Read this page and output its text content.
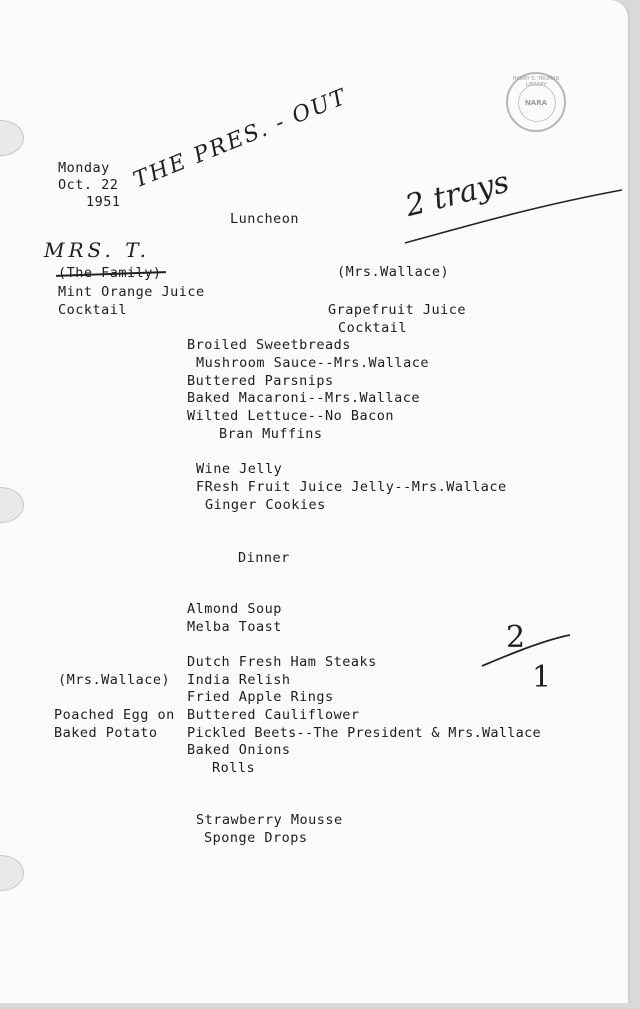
HARRY S. TRUMAN LIBRARY
NARA
Monday
Oct. 22
1951
THE PRES. - OUT
2 trays
MRS. T.
2
1
Luncheon
(The Family)
Mint Orange Juice
Cocktail
(Mrs.Wallace)
Grapefruit Juice
Cocktail
Broiled Sweetbreads
Mushroom Sauce--Mrs.Wallace
Buttered Parsnips
Baked Macaroni--Mrs.Wallace
Wilted Lettuce--No Bacon
Bran Muffins
Wine Jelly
FResh Fruit Juice Jelly--Mrs.Wallace
Ginger Cookies
Dinner
Almond Soup
Melba Toast
Dutch Fresh Ham Steaks
India Relish
Fried Apple Rings
Buttered Cauliflower
Pickled Beets--The President & Mrs.Wallace
Baked Onions
Rolls
(Mrs.Wallace)
Poached Egg on
Baked Potato
Strawberry Mousse
Sponge Drops
